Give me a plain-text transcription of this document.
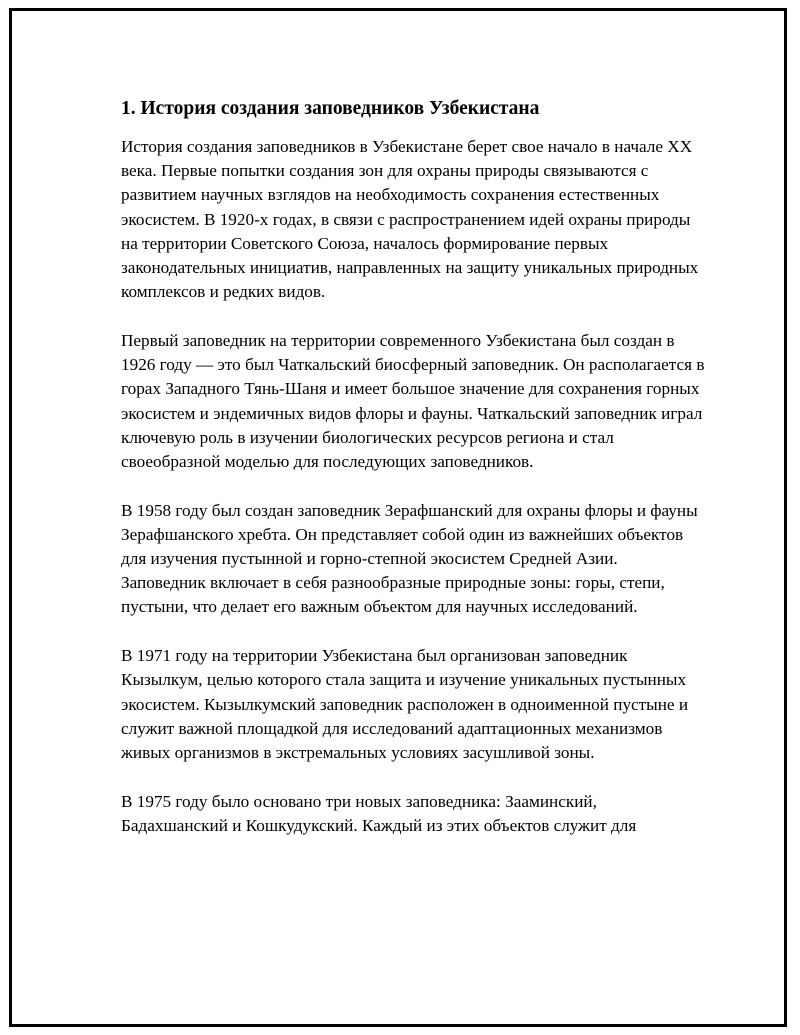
1. История создания заповедников Узбекистана

История создания заповедников в Узбекистане берет свое начало в начале XX века. Первые попытки создания зон для охраны природы связываются с развитием научных взглядов на необходимость сохранения естественных экосистем. В 1920-х годах, в связи с распространением идей охраны природы на территории Советского Союза, началось формирование первых законодательных инициатив, направленных на защиту уникальных природных комплексов и редких видов.

Первый заповедник на территории современного Узбекистана был создан в 1926 году — это был Чаткальский биосферный заповедник. Он располагается в горах Западного Тянь-Шаня и имеет большое значение для сохранения горных экосистем и эндемичных видов флоры и фауны. Чаткальский заповедник играл ключевую роль в изучении биологических ресурсов региона и стал своеобразной моделью для последующих заповедников.

В 1958 году был создан заповедник Зерафшанский для охраны флоры и фауны Зерафшанского хребта. Он представляет собой один из важнейших объектов для изучения пустынной и горно-степной экосистем Средней Азии. Заповедник включает в себя разнообразные природные зоны: горы, степи, пустыни, что делает его важным объектом для научных исследований.

В 1971 году на территории Узбекистана был организован заповедник Кызылкум, целью которого стала защита и изучение уникальных пустынных экосистем. Кызылкумский заповедник расположен в одноименной пустыне и служит важной площадкой для исследований адаптационных механизмов живых организмов в экстремальных условиях засушливой зоны.

В 1975 году было основано три новых заповедника: Зааминский, Бадахшанский и Кошкудукский. Каждый из этих объектов служит для
